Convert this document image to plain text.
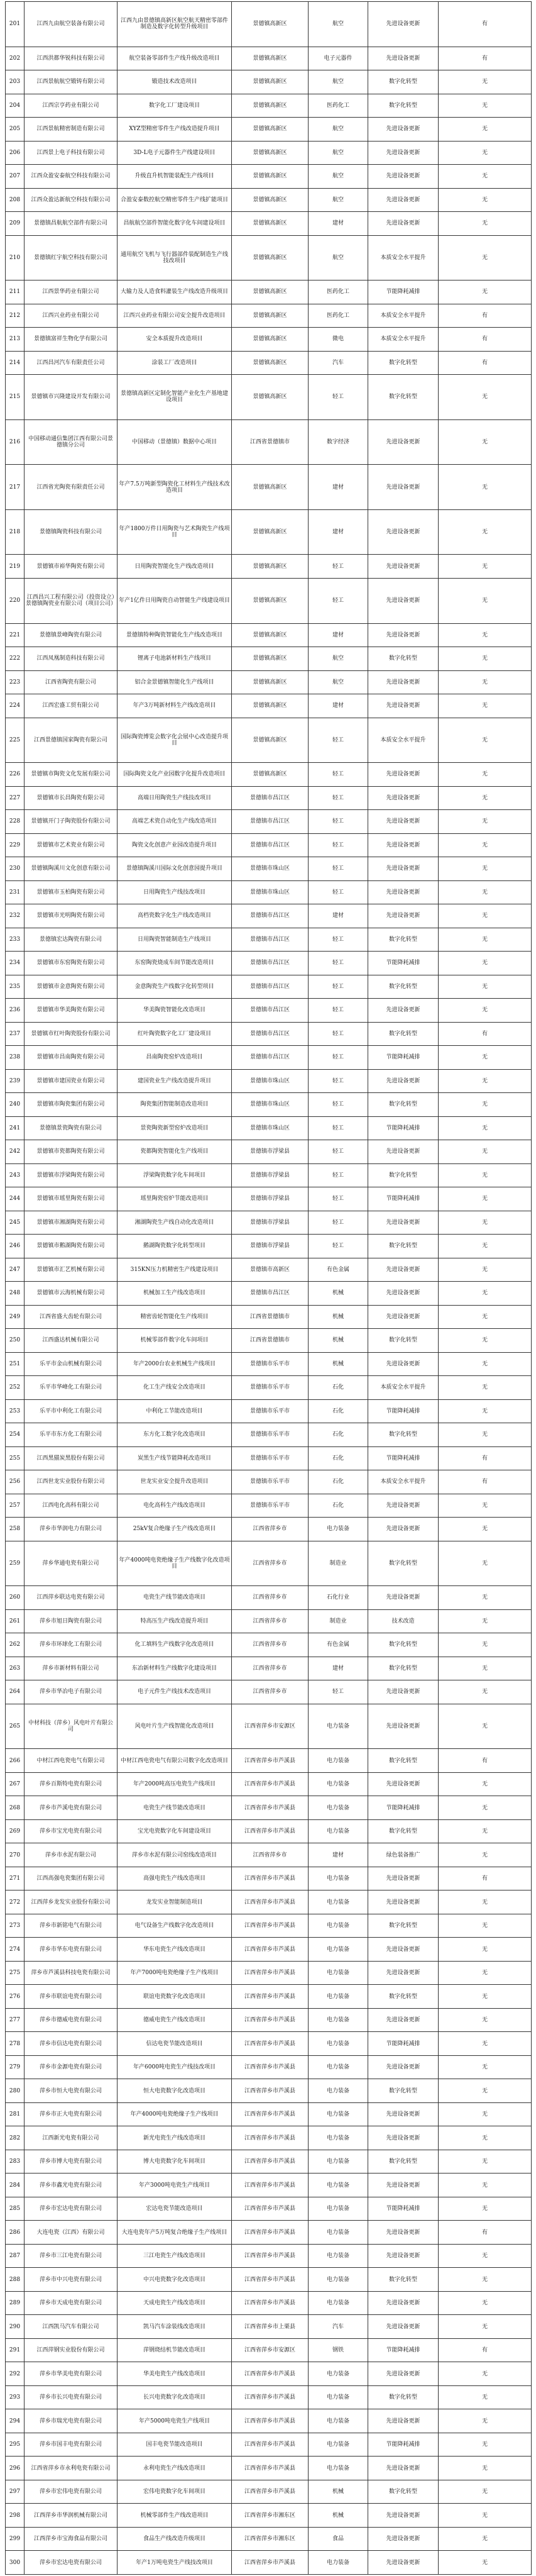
201	江西九由航空装备有限公司	江西九由景德镇高新区航空航天精密零部件制造及数字化转型升级项目	景德镇高新区	航空	先进设备更新	有
202	江西洪都华锐科技有限公司	航空装备零部件生产线升级改造项目	景德镇高新区	电子元器件	先进设备更新	有
203	江西景航航空锻铸有限公司	锻造技术改造项目	景德镇高新区	航空	数字化转型	无
204	江西宗亨药业有限公司	数字化工厂建设项目	景德镇高新区	医药化工	数字化转型	无
205	江西景航精密制造有限公司	XYZ型精密零件生产线改造提升项目	景德镇高新区	航空	先进设备更新	无
206	江西景上电子科技有限公司	3D-L电子元器件生产线建设项目	景德镇高新区	航空	先进设备更新	无
207	江西众盈安泰航空科技有限公司	升级直升机智能装配生产线项目	景德镇高新区	航空	先进设备更新	无
208	江西众盈达新航空科技有限公司	合盈安泰数控航空精密零件生产线扩能项目	景德镇高新区	航空	先进设备更新	无
209	景德镇昌航航空部件有限公司	昌航航空部件智能化数字化车间建设项目	景德镇高新区	建材	先进设备更新	无
210	景德镇红宇航空科技有限公司	通用航空飞机与飞行器部件装配制造生产线技改项目	景德镇高新区	航空	本质安全水平提升	无
211	江西景华药业有限公司	大输力及人造食料灌装生产线改造升级项目	景德镇高新区	医药化工	节能降耗减排	无
212	江西兴业药业有限公司	江西兴业药业有限公司安全提升改造项目	景德镇高新区	医药化工	本质安全水平提升	有
213	景德镇富祥生物化学有限公司	安全本质提升改造项目	景德镇高新区	微电	本质安全水平提升	有
214	江西昌河汽车有限责任公司	涂装工厂改造项目	景德镇高新区	汽车	数字化转型	有
215	景德镇市兴隆建设开发有限公司	景德镇高新区定制化智能产业化生产基地建设项目	景德镇高新区	轻工	数字化转型	无
216	中国移动通信集团江西有限公司景德镇分公司	中国移动（景德镇）数据中心项目	江西省景德镇市	数字经济	先进设备更新	无
217	江西省光陶瓷有限责任公司	年产7.5万吨新型陶瓷化工材料生产线技术改造项目	景德镇高新区	建材	先进设备更新	无
218	景德镇陶瓷科技有限公司	年产1800万件日用陶瓷与艺术陶瓷生产线项目	景德镇高新区	建材	先进设备更新	无
219	景德镇市裕华陶瓷有限公司	日用陶瓷智能化生产线改造项目	景德镇高新区	轻工	先进设备更新	无
220	江西昌兴工程有限公司（投资设立）景德镇陶瓷业有限公司（项目公司）	年产1亿件日用陶瓷自动智能生产线建设项目	景德镇高新区	轻工	先进设备更新	无
221	景德镇景峰陶瓷有限公司	景德镇特种陶瓷智能化生产线改造项目	景德镇高新区	建材	先进设备更新	无
222	江西凤凰制造科技有限公司	锂离子电池新材料生产线项目	景德镇高新区	航空	数字化转型	无
223	江西省陶瓷有限公司	铝合金景德镇智能化生产线项目	景德镇高新区	航空	先进设备更新	无
224	江西宏盛工贸有限公司	年产3万吨新材料生产线改造项目	景德镇高新区	建材	先进设备更新	无
225	江西景德镇国家陶瓷有限公司	国际陶瓷博览会数字化会展中心改造提升项目	景德镇高新区	轻工	本质安全水平提升	无
226	景德镇市陶瓷文化发展有限公司	国际陶瓷文化产业园数字化提升改造项目	景德镇高新区	轻工	先进设备更新	无
227	景德镇市长昌陶瓷有限公司	高端日用陶瓷生产线技改项目	景德镇市昌江区	轻工	先进设备更新	无
228	景德镇开门子陶瓷股份有限公司	高端艺术瓷自动化生产线改造项目	景德镇市昌江区	轻工	先进设备更新	无
229	景德镇市艺术瓷业有限公司	陶瓷文化创意产业园改造提升项目	景德镇市昌江区	轻工	先进设备更新	无
230	景德镇陶溪川文化创意有限公司	景德镇陶溪川国际文化创意园提升项目	景德镇市珠山区	轻工	先进设备更新	无
231	景德镇市玉柏陶瓷有限公司	日用陶瓷生产线技改项目	景德镇市珠山区	轻工	先进设备更新	无
232	景德镇市光明陶瓷有限公司	高档瓷数字化生产线改造项目	景德镇市昌江区	建材	先进设备更新	无
233	景德镇宏达陶瓷有限公司	日用陶瓷智能制造生产线项目	景德镇市昌江区	轻工	数字化转型	无
234	景德镇市东窑陶瓷有限公司	东窑陶瓷烧成车间节能改造项目	景德镇市昌江区	轻工	节能降耗减排	无
235	景德镇市金意陶瓷有限公司	金意陶瓷生产线数字化转型项目	景德镇市昌江区	轻工	数字化转型	无
236	景德镇市华美陶瓷有限公司	华美陶瓷智能化改造项目	景德镇市昌江区	轻工	先进设备更新	无
237	景德镇市红叶陶瓷股份有限公司	红叶陶瓷数字化工厂建设项目	景德镇市昌江区	轻工	数字化转型	有
238	景德镇市昌南陶瓷有限公司	昌南陶瓷窑炉改造项目	景德镇市昌江区	轻工	节能降耗减排	无
239	景德镇市建国瓷业有限公司	建国瓷业生产线改造提升项目	景德镇市珠山区	轻工	先进设备更新	无
240	景德镇市陶瓷集团有限公司	陶瓷集团智能制造改造项目	景德镇市珠山区	轻工	数字化转型	无
241	景德镇景瓷陶瓷有限公司	景瓷陶瓷新型窑炉改造项目	景德镇市珠山区	轻工	节能降耗减排	无
242	景德镇市瓷都陶瓷有限公司	瓷都陶瓷智能化生产线项目	景德镇市浮梁县	轻工	先进设备更新	无
243	景德镇市浮梁陶瓷有限公司	浮梁陶瓷数字化车间项目	景德镇市浮梁县	轻工	数字化转型	无
244	景德镇市瑶里陶瓷有限公司	瑶里陶瓷窑炉节能改造项目	景德镇市浮梁县	轻工	节能降耗减排	无
245	景德镇市湘湖陶瓷有限公司	湘湖陶瓷生产线自动化改造项目	景德镇市浮梁县	轻工	先进设备更新	无
246	景德镇市鹅湖陶瓷有限公司	鹅湖陶瓷数字化转型项目	景德镇市浮梁县	轻工	数字化转型	无
247	景德镇市汇艺机械有限公司	315KN压力机精密生产线建设项目	景德镇市高新区	有色金属	先进设备更新	无
248	景德镇市云海机械有限公司	机械加工生产线改造项目	景德镇市昌江区	机械	先进设备更新	无
249	江西省盛大齿轮有限公司	精密齿轮智能化生产线项目	江西省景德镇市	机械	先进设备更新	无
250	江西盛达机械有限公司	机械零部件数字化车间项目	江西省景德镇市	机械	数字化转型	无
251	乐平市金山机械有限公司	年产2000台农业机械生产线项目	景德镇市乐平市	机械	先进设备更新	无
252	乐平市华峰化工有限公司	化工生产线安全改造项目	景德镇市乐平市	石化	本质安全水平提升	无
253	乐平市中利化工有限公司	中利化工节能改造项目	景德镇市乐平市	石化	节能降耗减排	无
254	乐平市东方化工有限公司	东方化工数字化改造项目	景德镇市乐平市	石化	数字化转型	无
255	江西黑猫炭黑股份有限公司	炭黑生产线节能降耗改造项目	景德镇市乐平市	石化	节能降耗减排	有
256	江西世龙实业股份有限公司	世龙实业安全提升改造项目	景德镇市乐平市	石化	本质安全水平提升	有
257	江西电化高科有限公司	电化高科生产线改造项目	景德镇市乐平市	石化	先进设备更新	无
258	萍乡市华润电力有限公司	25kV复合绝缘子生产线改造项目	江西省萍乡市	电力装备	先进设备更新	无
259	萍乡华通电瓷有限公司	年产4000吨电瓷绝缘子生产线数字化改造项目	江西省萍乡市	制造业	数字化转型	无
260	江西萍乡联达电瓷有限公司	电瓷生产线节能改造项目	江西省萍乡市	石化行业	先进设备更新	无
261	萍乡市旭日陶瓷有限公司	特高压生产线改造提升项目	江西省萍乡市	制造业	技术改造	无
262	萍乡市环球化工有限公司	化工填料生产线数字化改造项目	江西省萍乡市	有色金属	数字化转型	无
263	萍乡市新材料有限公司	东冶新材料生产线数字化建设项目	江西省萍乡市	建材	数字化转型	无
264	萍乡市华冶电子有限公司	电子元件生产线技术改造项目	江西省萍乡市	轻工	先进设备更新	无
265	中材科技（萍乡）风电叶片有限公司	风电叶片生产线智能化改造项目	江西省萍乡市安源区	电力装备	先进设备更新	无
266	中材江西电瓷电气有限公司	中材江西电瓷电气有限公司数字化改造项目	江西省萍乡市芦溪县	电力装备	数字化转型	有
267	萍乡百斯特电瓷有限公司	年产2000吨高压电瓷生产线项目	江西省萍乡市芦溪县	电力装备	先进设备更新	无
268	萍乡市芦溪电瓷有限公司	电瓷生产线节能改造项目	江西省萍乡市芦溪县	电力装备	节能降耗减排	无
269	萍乡市宝光电瓷有限公司	宝光电瓷数字化车间建设项目	江西省萍乡市芦溪县	电力装备	数字化转型	无
270	萍乡市水泥有限公司	萍乡市水泥有限公司窑线改造项目	江西省萍乡市	建材	绿色装备推广	无
271	江西高强电瓷集团有限公司	高强电瓷生产线改造项目	江西省萍乡市芦溪县	电力装备	先进设备更新	有
272	江西萍乡龙发实业股份有限公司	龙发实业智能制造项目	江西省萍乡市芦溪县	电力装备	先进设备更新	无
273	萍乡市新铭电气有限公司	电气设备生产线数字化改造项目	江西省萍乡市芦溪县	电力装备	数字化转型	无
274	萍乡市华东电瓷有限公司	华东电瓷生产线改造项目	江西省萍乡市芦溪县	电力装备	先进设备更新	无
275	萍乡市芦溪县科技电瓷有限公司	年产7000吨电瓷绝缘子生产线项目	江西省萍乡市芦溪县	电力装备	先进设备更新	无
276	萍乡市联谊电瓷有限公司	联谊电瓷数字化改造项目	江西省萍乡市芦溪县	电力装备	数字化转型	无
277	萍乡市德威电瓷有限公司	德威电瓷生产线改造项目	江西省萍乡市芦溪县	电力装备	先进设备更新	无
278	萍乡市信达电瓷有限公司	信达电瓷节能改造项目	江西省萍乡市芦溪县	电力装备	节能降耗减排	无
279	萍乡市金源电瓷有限公司	年产6000吨电瓷生产线技改项目	江西省萍乡市芦溪县	电力装备	先进设备更新	无
280	萍乡市恒大电瓷有限公司	恒大电瓷数字化改造项目	江西省萍乡市芦溪县	电力装备	数字化转型	无
281	萍乡市正大电瓷有限公司	年产4000吨电瓷绝缘子生产线项目	江西省萍乡市芦溪县	电力装备	先进设备更新	无
282	江西新光电瓷有限公司	新光电瓷生产线改造项目	江西省萍乡市芦溪县	电力装备	先进设备更新	无
283	萍乡市博大电瓷有限公司	博大电瓷数字化车间项目	江西省萍乡市芦溪县	电力装备	数字化转型	无
284	萍乡市鑫光电瓷有限公司	年产3000吨电瓷生产线项目	江西省萍乡市芦溪县	电力装备	先进设备更新	无
285	萍乡市宏达电瓷有限公司	宏达电瓷节能改造项目	江西省萍乡市芦溪县	电力装备	节能降耗减排	无
286	大连电瓷（江西）有限公司	大连电瓷年产5万吨复合绝缘子生产线项目	江西省萍乡市芦溪县	电力装备	先进设备更新	有
287	萍乡市三江电瓷有限公司	三江电瓷生产线改造项目	江西省萍乡市芦溪县	电力装备	先进设备更新	无
288	萍乡市中兴电瓷有限公司	中兴电瓷数字化改造项目	江西省萍乡市芦溪县	电力装备	数字化转型	无
289	萍乡市天成电瓷有限公司	天成电瓷生产线改造项目	江西省萍乡市芦溪县	电力装备	先进设备更新	无
290	江西凯马汽车有限公司	凯马汽车涂装线改造项目	江西省萍乡市上栗县	汽车	先进设备更新	无
291	江西萍钢实业股份有限公司	萍钢烧结机节能改造项目	江西省萍乡市安源区	钢铁	节能降耗减排	有
292	萍乡市华美电瓷有限公司	华美电瓷生产线改造项目	江西省萍乡市芦溪县	电力装备	先进设备更新	无
293	萍乡市长兴电瓷有限公司	长兴电瓷数字化改造项目	江西省萍乡市芦溪县	电力装备	数字化转型	无
294	萍乡市瑞光电瓷有限公司	年产5000吨电瓷生产线项目	江西省萍乡市芦溪县	电力装备	先进设备更新	无
295	萍乡市国丰电瓷有限公司	国丰电瓷节能改造项目	江西省萍乡市芦溪县	电力装备	节能降耗减排	无
296	江西省萍乡市永利电瓷有限公司	永利电瓷生产线改造项目	江西省萍乡市芦溪县	电力装备	先进设备更新	无
297	萍乡市宏伟电瓷有限公司	宏伟电瓷数字化车间项目	江西省萍乡市芦溪县	机械	数字化转型	无
298	江西萍乡市华润机械有限公司	机械零部件生产线改造项目	江西省萍乡市湘东区	机械	先进设备更新	无
299	江西萍乡市宝海食品有限公司	食品生产线改造升级项目	江西省萍乡市湘东区	食品	先进设备更新	无
300	萍乡市宏达电瓷有限公司	年产1万吨电瓷生产线技改项目	江西省萍乡市芦溪县	电力装备	先进设备更新	无
